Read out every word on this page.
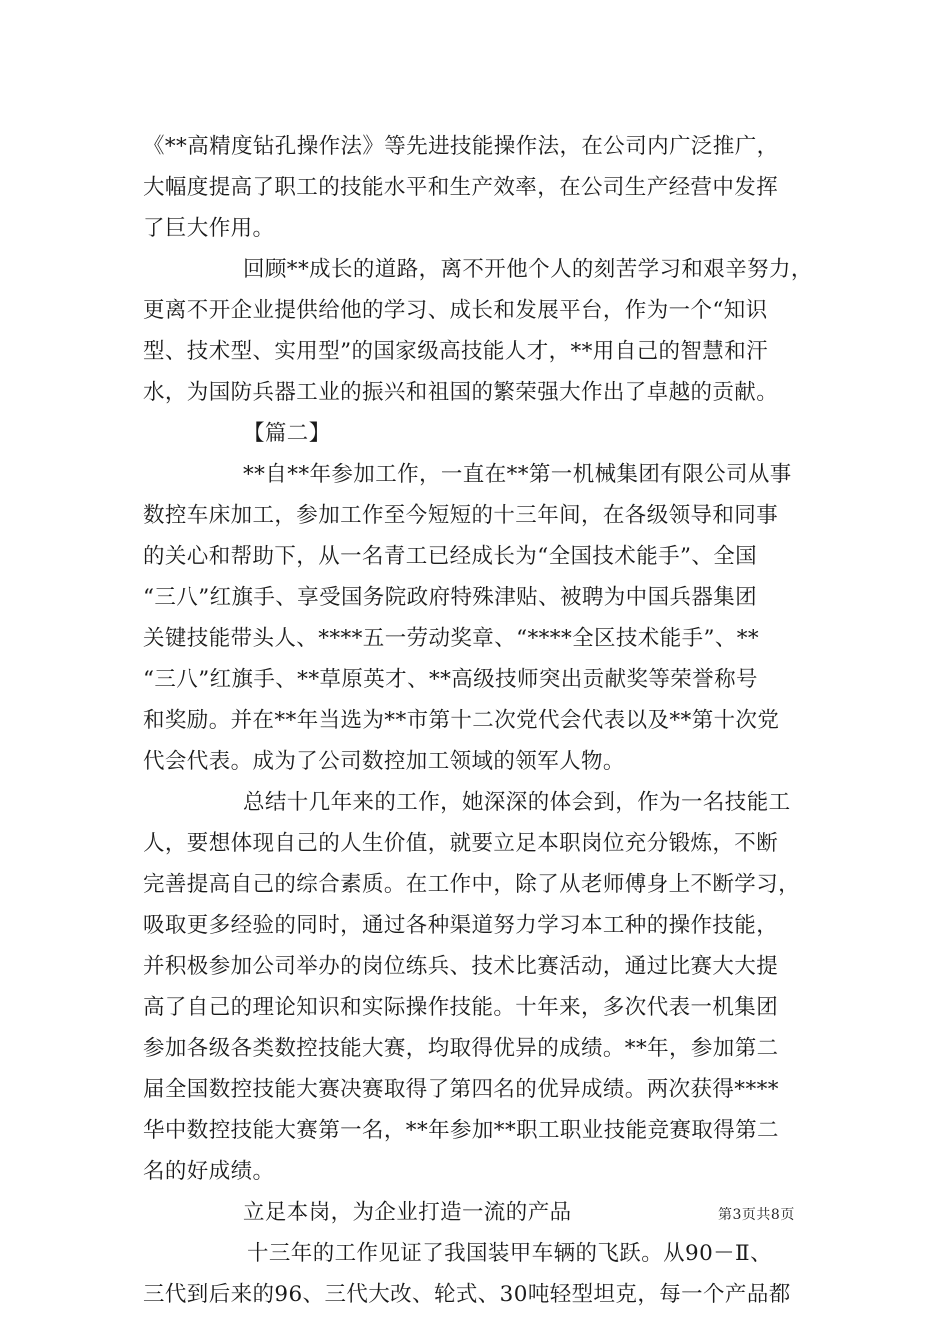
《**高精度钻孔操作法》等先进技能操作法，在公司内广泛推广，
大幅度提高了职工的技能水平和生产效率，在公司生产经营中发挥
了巨大作用。

回顾**成长的道路，离不开他个人的刻苦学习和艰辛努力，
更离不开企业提供给他的学习、成长和发展平台，作为一个“知识
型、技术型、实用型”的国家级高技能人才，**用自己的智慧和汗
水，为国防兵器工业的振兴和祖国的繁荣强大作出了卓越的贡献。

【篇二】

**自**年参加工作，一直在**第一机械集团有限公司从事
数控车床加工，参加工作至今短短的十三年间，在各级领导和同事
的关心和帮助下，从一名青工已经成长为“全国技术能手”、全国
“三八”红旗手、享受国务院政府特殊津贴、被聘为中国兵器集团
关键技能带头人、****五一劳动奖章、“****全区技术能手”、**
“三八”红旗手、**草原英才、**高级技师突出贡献奖等荣誉称号
和奖励。并在**年当选为**市第十二次党代会代表以及**第十次党
代会代表。成为了公司数控加工领域的领军人物。

总结十几年来的工作，她深深的体会到，作为一名技能工
人，要想体现自己的人生价值，就要立足本职岗位充分锻炼，不断
完善提高自己的综合素质。在工作中，除了从老师傅身上不断学习，
吸取更多经验的同时，通过各种渠道努力学习本工种的操作技能，
并积极参加公司举办的岗位练兵、技术比赛活动，通过比赛大大提
高了自己的理论知识和实际操作技能。十年来，多次代表一机集团
参加各级各类数控技能大赛，均取得优异的成绩。**年，参加第二
届全国数控技能大赛决赛取得了第四名的优异成绩。两次获得****
华中数控技能大赛第一名，**年参加**职工职业技能竞赛取得第二
名的好成绩。

立足本岗，为企业打造一流的产品

十三年的工作见证了我国装甲车辆的飞跃。从90－Ⅱ、
三代到后来的96、三代大改、轮式、30吨轻型坦克，每一个产品都

第3页共8页
